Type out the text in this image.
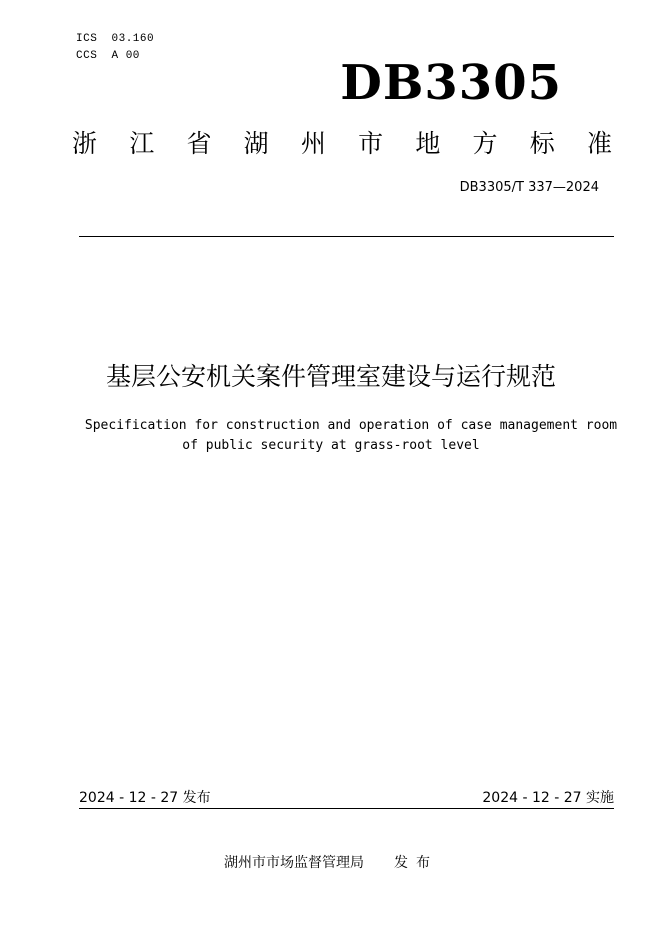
ICS  03.160
CCS  A 00	DB3305
浙 江 省 湖 州 市 地 方 标 准
DB3305/T 337—2024
基层公安机关案件管理室建设与运行规范
Specification for construction and operation of case management room
of public security at grass-root level
2024 - 12 - 27 发布	2024 - 12 - 27 实施
湖州市市场监督管理局 发布
